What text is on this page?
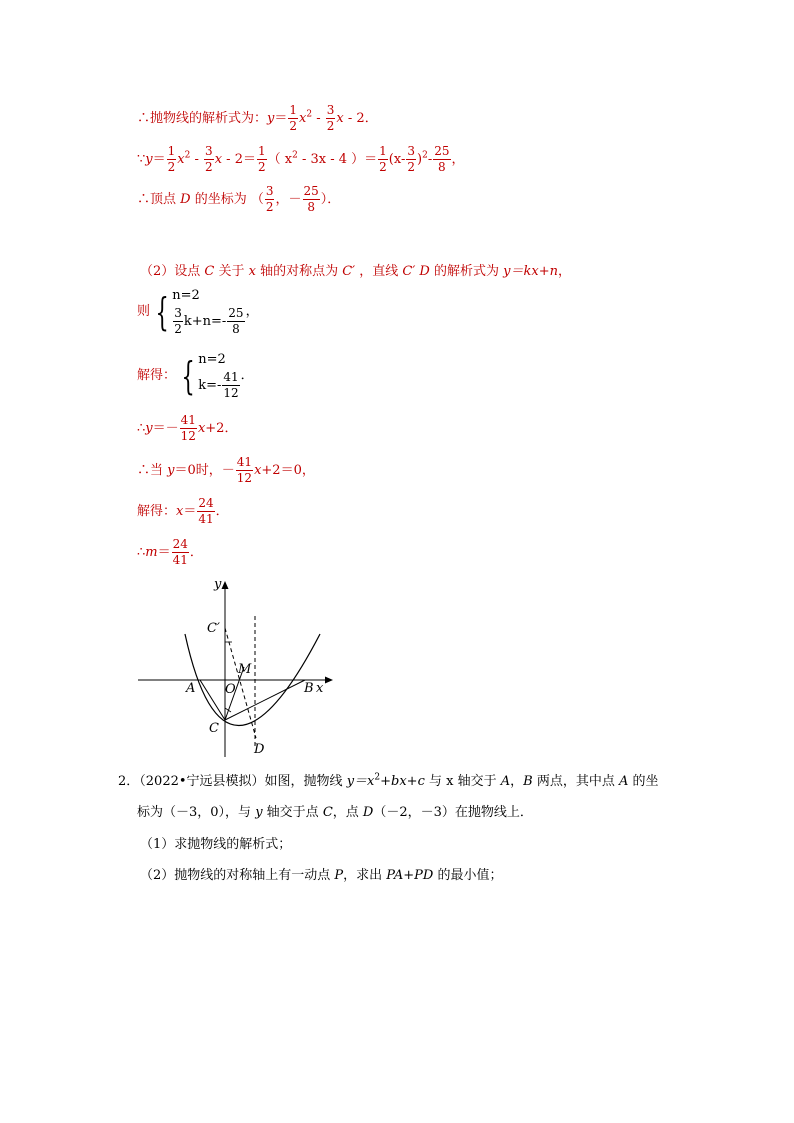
∴抛物线的解析式为：$y= \frac{1}{2} x^2 - \frac{3}{2}$ x - 2．
∵y＝ $\frac{1}{2} x^2 - \frac{3}{2}$ $x - 2= \frac{1}{2}$ （ $x^2 - 3x - 4$ ）＝ $\frac{1}{2} (x- \frac{3}{2} )^2- \frac{25}{8}$ ，
∴顶点 D 的坐标为 （ $\frac{3}{2}$ ，－ $\frac{25}{8}$ ）．
（2）设点 C 关于 x 轴的对称点为 C′ ，直线 C′ D 的解析式为 y＝kx+n，
则 { n=2
$\frac{3}{2} k+n=- \frac{25}{8}$ ，
解得： { n=2
$k=- \frac{41}{12}$ ．
∴y＝－ $\frac{41}{12} x+2$．
∴当 y＝0时，－ $\frac{41}{12} x+2=0$，
解得：$x= \frac{24}{41}$ ．
∴m＝ $\frac{24}{41}$ ．
y
x
C′
M
A O	B
C
D
2．（2022•宁远县模拟）如图，抛物线 $y=x^2+bx+c$ 与 x 轴交于 A，B 两点，其中点 A 的坐
标为（－3，0），与 y 轴交于点 C，点 D（－2，－3）在抛物线上．
（1）求抛物线的解析式；
（2）抛物线的对称轴上有一动点 P，求出 PA+PD 的最小值；
